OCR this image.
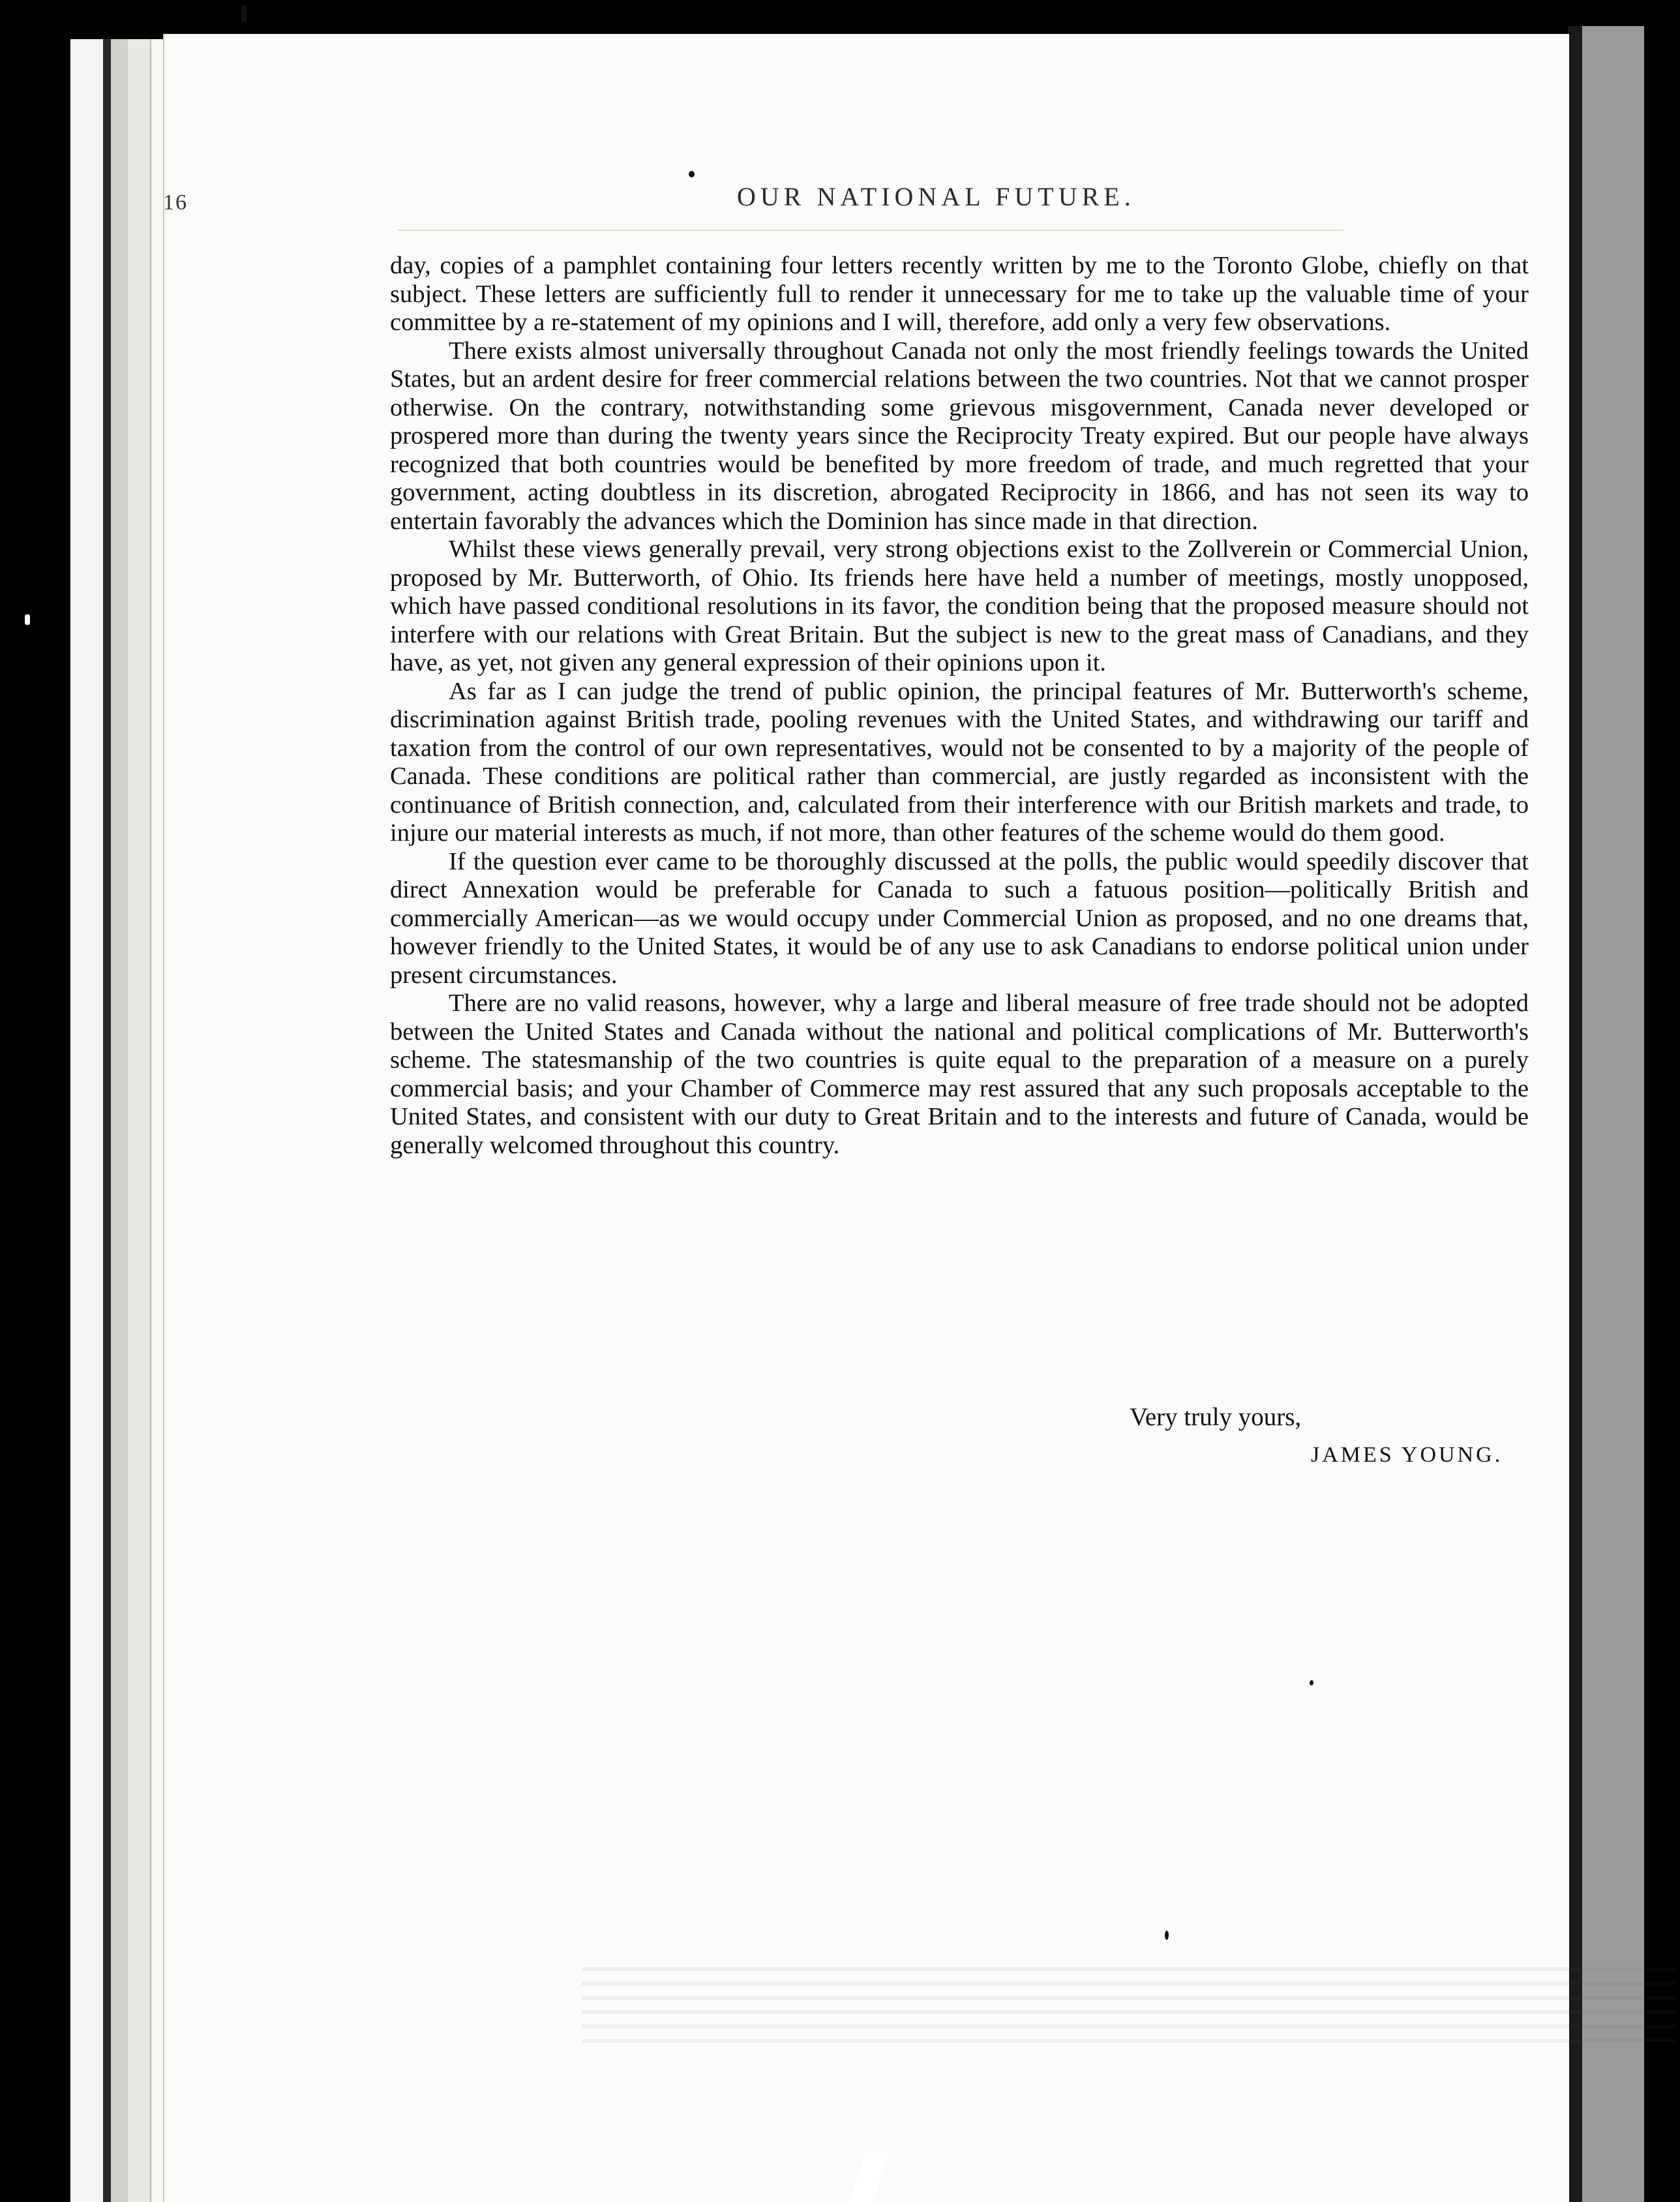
16	OUR NATIONAL FUTURE.

day, copies of a pamphlet containing four letters recently written by me to the Toronto Globe, chiefly on that subject. These letters are sufficiently full to render it unnecessary for me to take up the valuable time of your committee by a re-statement of my opinions and I will, therefore, add only a very few observations.

There exists almost universally throughout Canada not only the most friendly feelings towards the United States, but an ardent desire for freer commercial relations between the two countries. Not that we cannot prosper otherwise. On the contrary, notwithstanding some grievous misgovernment, Canada never developed or prospered more than during the twenty years since the Reciprocity Treaty expired. But our people have always recognized that both countries would be benefited by more freedom of trade, and much regretted that your government, acting doubtless in its discretion, abrogated Reciprocity in 1866, and has not seen its way to entertain favorably the advances which the Dominion has since made in that direction.

Whilst these views generally prevail, very strong objections exist to the Zollverein or Commercial Union, proposed by Mr. Butterworth, of Ohio. Its friends here have held a number of meetings, mostly unopposed, which have passed conditional resolutions in its favor, the condition being that the proposed measure should not interfere with our relations with Great Britain. But the subject is new to the great mass of Canadians, and they have, as yet, not given any general expression of their opinions upon it.

As far as I can judge the trend of public opinion, the principal features of Mr. Butterworth's scheme, discrimination against British trade, pooling revenues with the United States, and withdrawing our tariff and taxation from the control of our own representatives, would not be consented to by a majority of the people of Canada. These conditions are political rather than commercial, are justly regarded as inconsistent with the continuance of British connection, and, calculated from their interference with our British markets and trade, to injure our material interests as much, if not more, than other features of the scheme would do them good.

If the question ever came to be thoroughly discussed at the polls, the public would speedily discover that direct Annexation would be preferable for Canada to such a fatuous position—politically British and commercially American—as we would occupy under Commercial Union as proposed, and no one dreams that, however friendly to the United States, it would be of any use to ask Canadians to endorse political union under present circumstances.

There are no valid reasons, however, why a large and liberal measure of free trade should not be adopted between the United States and Canada without the national and political complications of Mr. Butterworth's scheme. The statesmanship of the two countries is quite equal to the preparation of a measure on a purely commercial basis; and your Chamber of Commerce may rest assured that any such proposals acceptable to the United States, and consistent with our duty to Great Britain and to the interests and future of Canada, would be generally welcomed throughout this country.

Very truly yours,
JAMES YOUNG.
